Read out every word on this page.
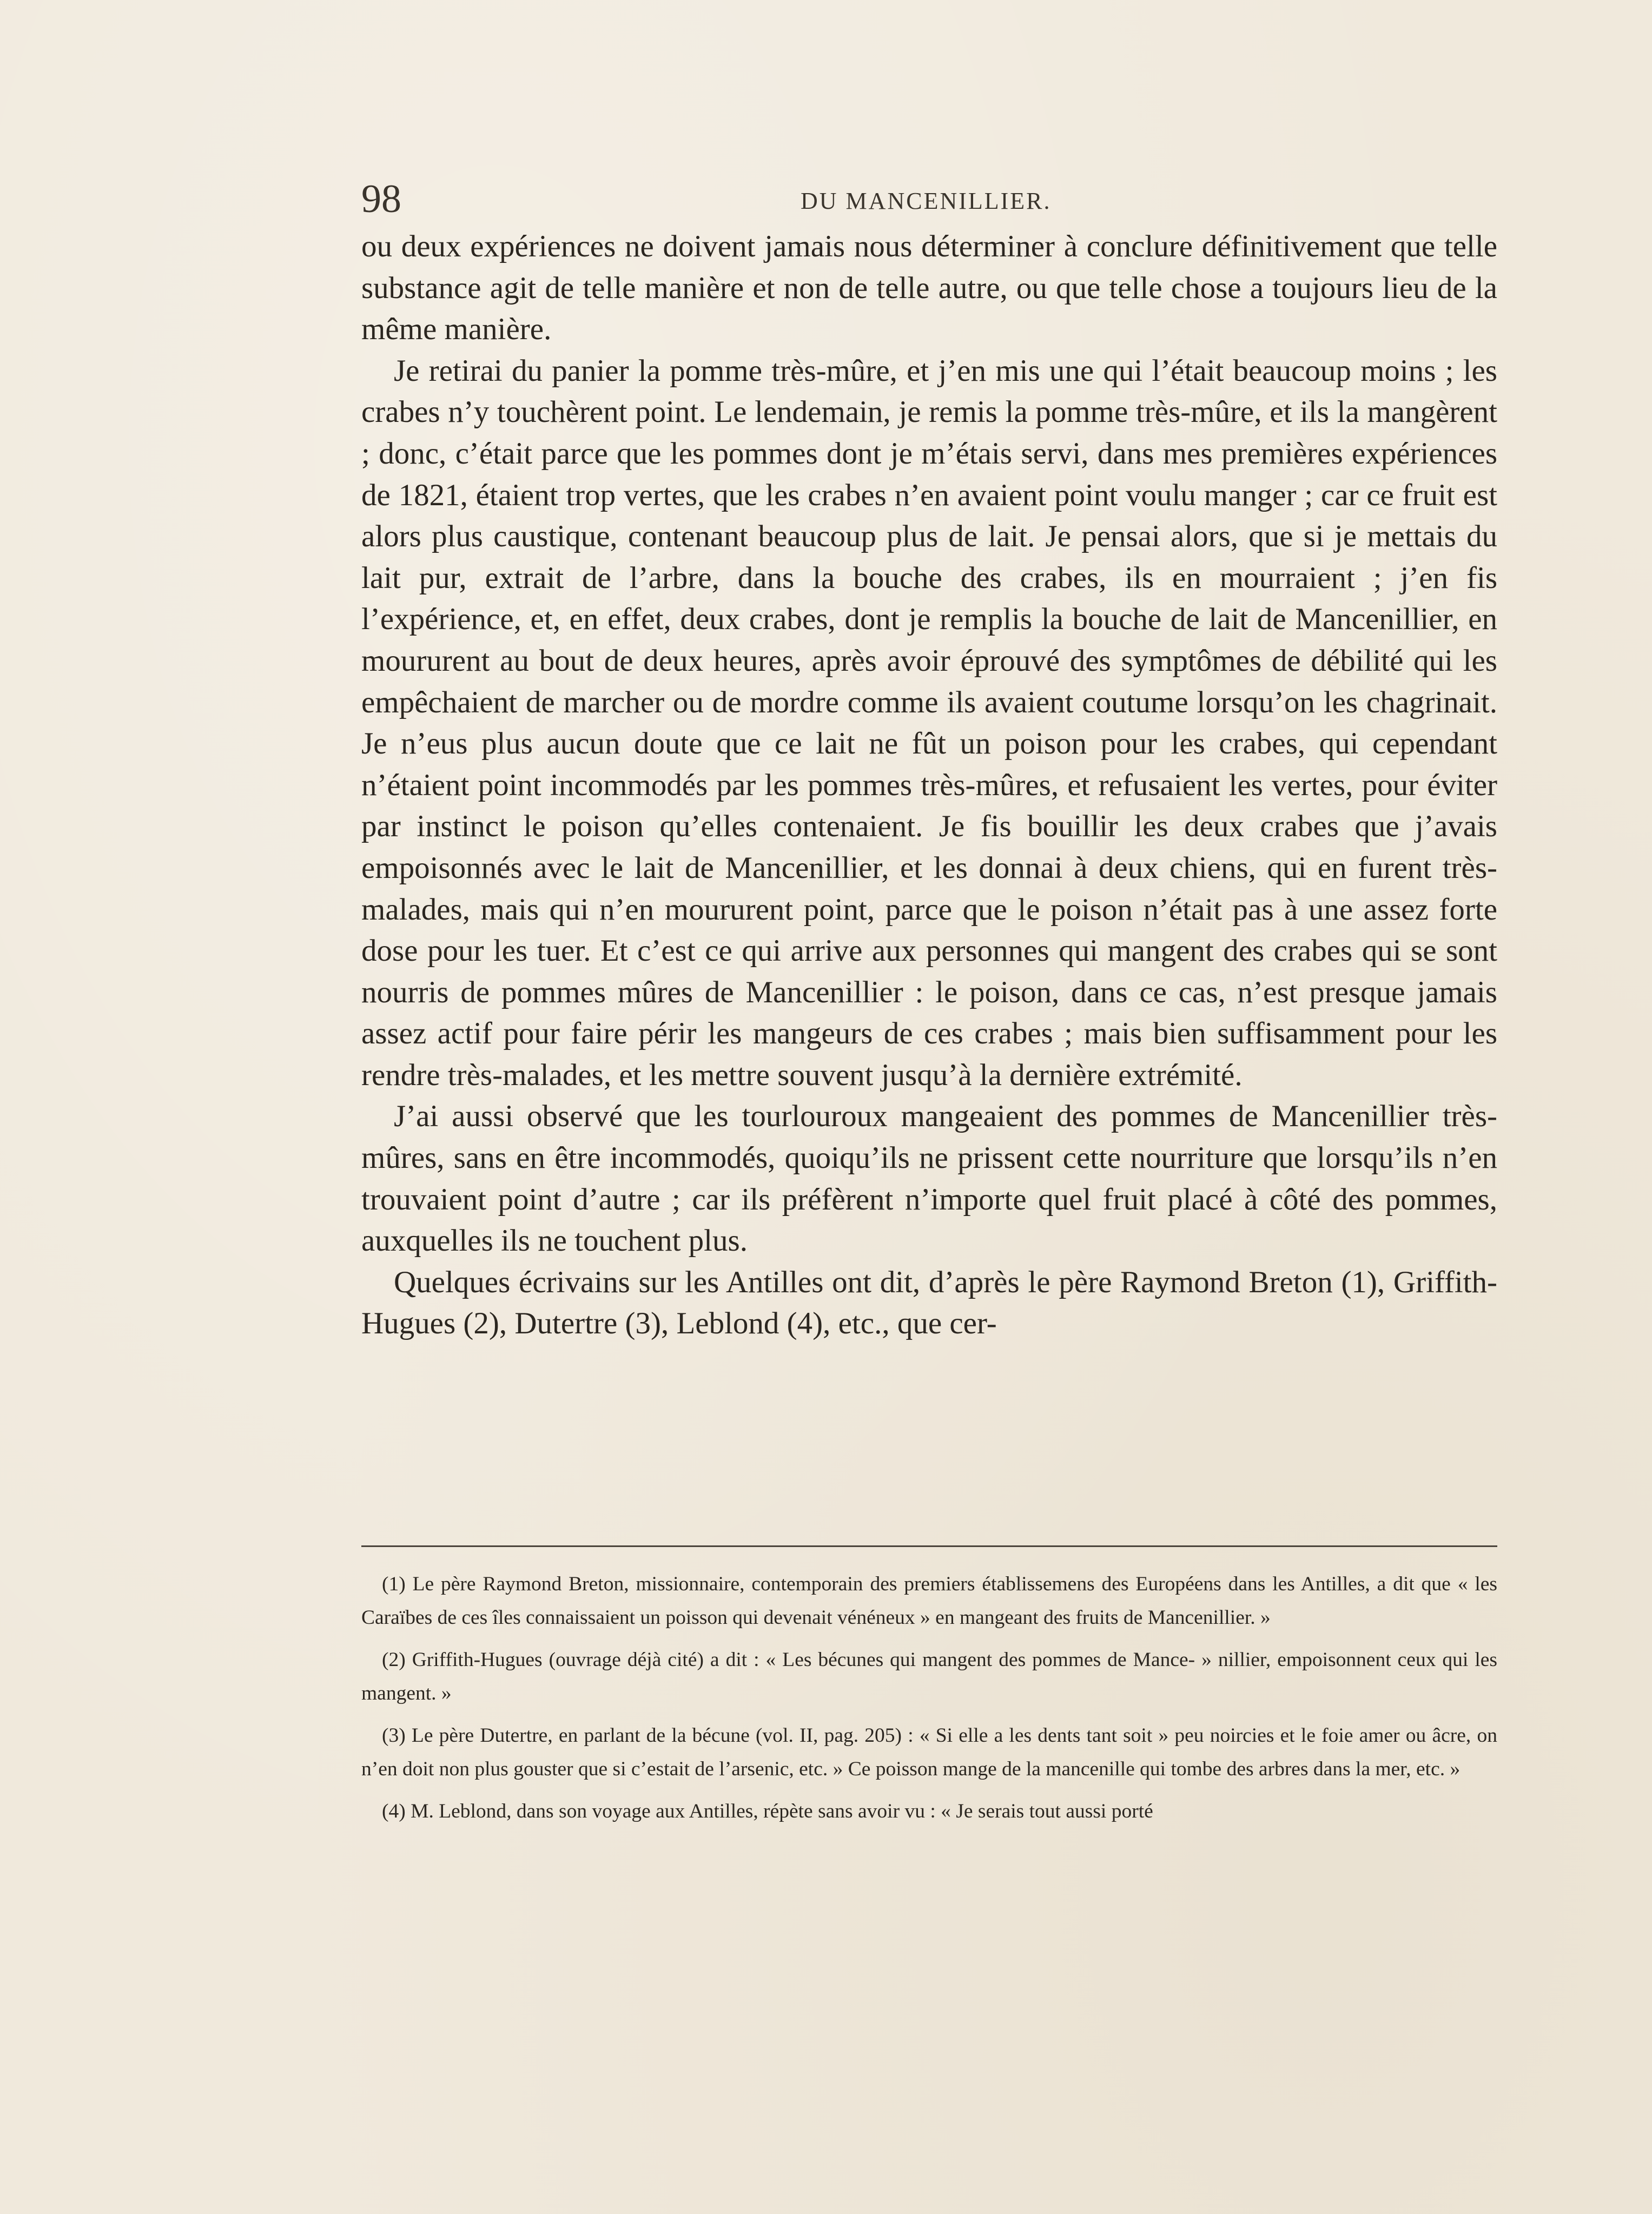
98	DU MANCENILLIER.

ou deux expériences ne doivent jamais nous déterminer à conclure définitivement que telle substance agit de telle manière et non de telle autre, ou que telle chose a toujours lieu de la même manière.

Je retirai du panier la pomme très-mûre, et j’en mis une qui l’était beaucoup moins ; les crabes n’y touchèrent point. Le lendemain, je remis la pomme très-mûre, et ils la mangèrent ; donc, c’était parce que les pommes dont je m’étais servi, dans mes premières expériences de 1821, étaient trop vertes, que les crabes n’en avaient point voulu manger ; car ce fruit est alors plus caustique, contenant beaucoup plus de lait. Je pensai alors, que si je mettais du lait pur, extrait de l’arbre, dans la bouche des crabes, ils en mourraient ; j’en fis l’expérience, et, en effet, deux crabes, dont je remplis la bouche de lait de Mancenillier, en moururent au bout de deux heures, après avoir éprouvé des symptômes de débilité qui les empêchaient de marcher ou de mordre comme ils avaient coutume lorsqu’on les chagrinait. Je n’eus plus aucun doute que ce lait ne fût un poison pour les crabes, qui cependant n’étaient point incommodés par les pommes très-mûres, et refusaient les vertes, pour éviter par instinct le poison qu’elles contenaient. Je fis bouillir les deux crabes que j’avais empoisonnés avec le lait de Mancenillier, et les donnai à deux chiens, qui en furent très-malades, mais qui n’en moururent point, parce que le poison n’était pas à une assez forte dose pour les tuer. Et c’est ce qui arrive aux personnes qui mangent des crabes qui se sont nourris de pommes mûres de Mancenillier : le poison, dans ce cas, n’est presque jamais assez actif pour faire périr les mangeurs de ces crabes ; mais bien suffisamment pour les rendre très-malades, et les mettre souvent jusqu’à la dernière extrémité.

J’ai aussi observé que les tourlouroux mangeaient des pommes de Mancenillier très-mûres, sans en être incommodés, quoiqu’ils ne prissent cette nourriture que lorsqu’ils n’en trouvaient point d’autre ; car ils préfèrent n’importe quel fruit placé à côté des pommes, auxquelles ils ne touchent plus.

Quelques écrivains sur les Antilles ont dit, d’après le père Raymond Breton (1), Griffith-Hugues (2), Dutertre (3), Leblond (4), etc., que cer-

(1) Le père Raymond Breton, missionnaire, contemporain des premiers établissemens des Européens dans les Antilles, a dit que « les Caraïbes de ces îles connaissaient un poisson qui devenait vénéneux » en mangeant des fruits de Mancenillier. »

(2) Griffith-Hugues (ouvrage déjà cité) a dit : « Les bécunes qui mangent des pommes de Mance- » nillier, empoisonnent ceux qui les mangent. »

(3) Le père Dutertre, en parlant de la bécune (vol. II, pag. 205) : « Si elle a les dents tant soit » peu noircies et le foie amer ou âcre, on n’en doit non plus gouster que si c’estait de l’arsenic, etc. » Ce poisson mange de la mancenille qui tombe des arbres dans la mer, etc. »

(4) M. Leblond, dans son voyage aux Antilles, répète sans avoir vu : « Je serais tout aussi porté
